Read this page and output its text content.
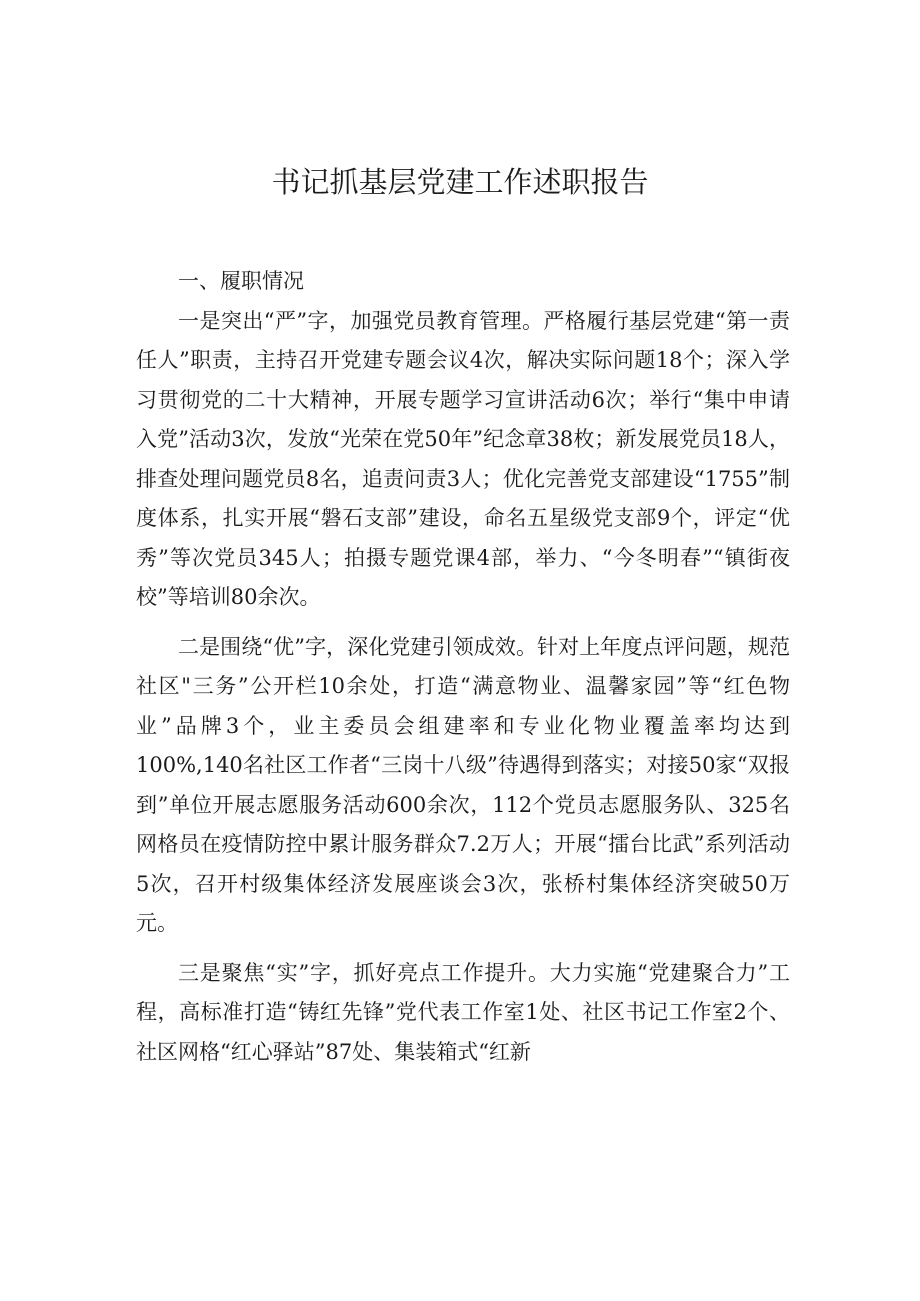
书记抓基层党建工作述职报告

一、履职情况

一是突出“严”字，加强党员教育管理。严格履行基层党建“第一责任人”职责，主持召开党建专题会议4次，解决实际问题18个；深入学习贯彻党的二十大精神，开展专题学习宣讲活动6次；举行“集中申请入党”活动3次，发放“光荣在党50年”纪念章38枚；新发展党员18人，排查处理问题党员8名，追责问责3人；优化完善党支部建设“1755”制度体系，扎实开展“磐石支部”建设，命名五星级党支部9个，评定“优秀”等次党员345人；拍摄专题党课4部，举力、“今冬明春”“镇街夜校”等培训80余次。

二是围绕“优”字，深化党建引领成效。针对上年度点评问题，规范社区"三务”公开栏10余处，打造“满意物业、温馨家园”等“红色物业”品牌3个，业主委员会组建率和专业化物业覆盖率均达到100%,140名社区工作者“三岗十八级”待遇得到落实；对接50家“双报到”单位开展志愿服务活动600余次，112个党员志愿服务队、325名网格员在疫情防控中累计服务群众7.2万人；开展“擂台比武”系列活动5次，召开村级集体经济发展座谈会3次，张桥村集体经济突破50万元。

三是聚焦“实”字，抓好亮点工作提升。大力实施“党建聚合力”工程，高标准打造“铸红先锋”党代表工作室1处、社区书记工作室2个、社区网格“红心驿站”87处、集装箱式“红新
